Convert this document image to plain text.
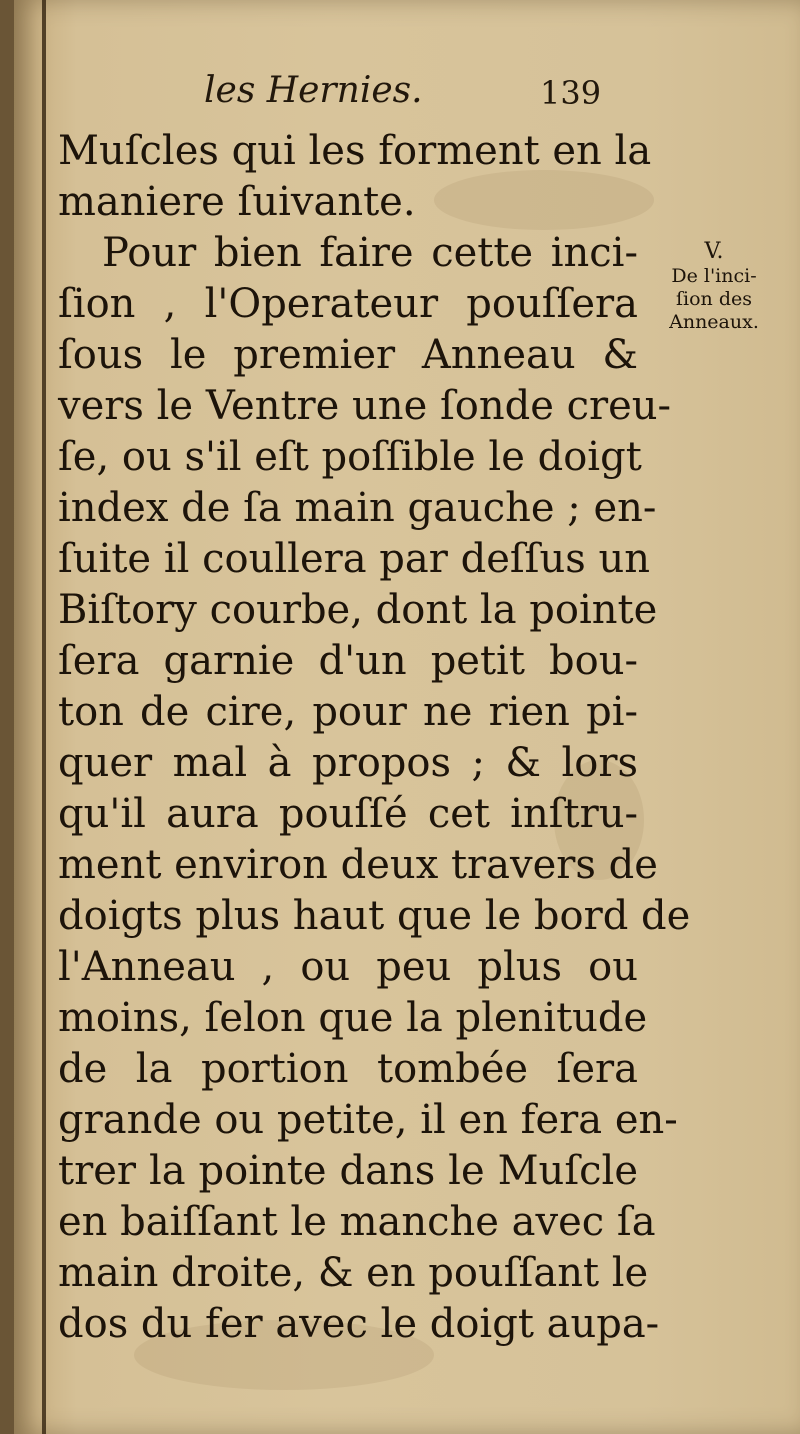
les Hernies.	139
Muſcles qui les forment en la
maniere ſuivante.
Pour bien faire cette inci-
ſion , l'Operateur pouſſera
ſous le premier Anneau &
vers le Ventre une ſonde creu-
ſe, ou s'il eſt poſſible le doigt
index de ſa main gauche ; en-
ſuite il coullera par deſſus un
Biſtory courbe, dont la pointe
ſera garnie d'un petit bou-
ton de cire, pour ne rien pi-
quer mal à propos ; & lors
qu'il aura pouſſé cet inſtru-
ment environ deux travers de
doigts plus haut que le bord de
l'Anneau , ou peu plus ou
moins, ſelon que la plenitude
de la portion tombée ſera
grande ou petite, il en fera en-
trer la pointe dans le Muſcle
en baiſſant le manche avec ſa
main droite, & en pouſſant le
dos du fer avec le doigt aupa-
V.
De l'inci-
ſion des
Anneaux.
